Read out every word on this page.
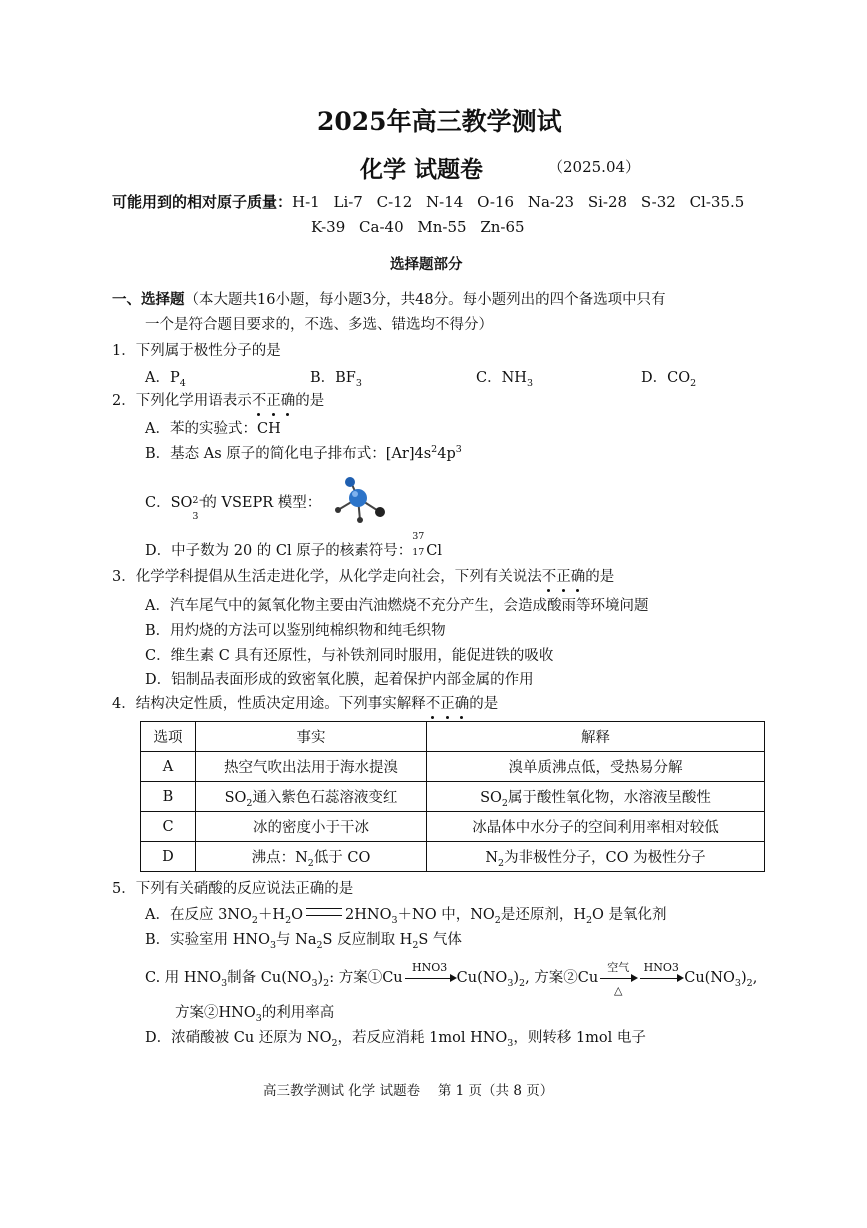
2025年高三教学测试
化学 试题卷	（2025.04）
可能用到的相对原子质量：H-1 Li-7 C-12 N-14 O-16 Na-23 Si-28 S-32 Cl-35.5
K-39 Ca-40 Mn-55 Zn-65
选择题部分
一、选择题（本大题共16小题，每小题3分，共48分。每小题列出的四个备选项中只有
一个是符合题目要求的，不选、多选、错选均不得分）
1．下列属于极性分子的是
A．$P_4$	B．$BF_3$	C．$NH_3$	D．$CO_2$
2．下列化学用语表示不正确的是
A．苯的实验式：CH
B．基态 As 原子的简化电子排布式：$[Ar]4s^24p^3$
C．SO 2−
3
的 VSEPR 模型：
D．中子数为 20 的 Cl 原子的核素符号：
37
17 Cl
3．化学学科提倡从生活走进化学，从化学走向社会，下列有关说法不正确的是
A．汽车尾气中的氮氧化物主要由汽油燃烧不充分产生，会造成酸雨等环境问题
B．用灼烧的方法可以鉴别纯棉织物和纯毛织物
C．维生素 C 具有还原性，与补铁剂同时服用，能促进铁的吸收
D．铝制品表面形成的致密氧化膜，起着保护内部金属的作用
4．结构决定性质，性质决定用途。下列事实解释不正确的是
选项	事实	解释
A	热空气吹出法用于海水提溴	溴单质沸点低，受热易分解
B	$SO_2$通入紫色石蕊溶液变红	$SO_2$属于酸性氧化物，水溶液呈酸性
C	冰的密度小于干冰	冰晶体中水分子的空间利用率相对较低
D	沸点：$N_2$低于 CO	$N_2$为非极性分子，CO 为极性分子
5．下列有关硝酸的反应说法正确的是
A．在反应 $3NO_2+H_2O$	$2HNO_3+NO$ 中，$NO_2$是还原剂，$H_2O$ 是氧化剂
B．实验室用 $HNO_3$与 $Na_2S$ 反应制取 $H_2S$ 气体
C. 用 $HNO_3$制备 $Cu(NO_3)_2$: 方案①Cu
HNO3
$Cu(NO_3)_2$, 方案②Cu $\frac{\text{空气}}{\triangle}$
HNO3
$Cu(NO_3)_2$,
方案$②HNO_3$的利用率高
D．浓硝酸被 Cu 还原为 $NO_2$，若反应消耗 1mol $HNO_3$，则转移 1mol 电子
高三教学测试 化学 试题卷　 第 1 页（共 8 页）
